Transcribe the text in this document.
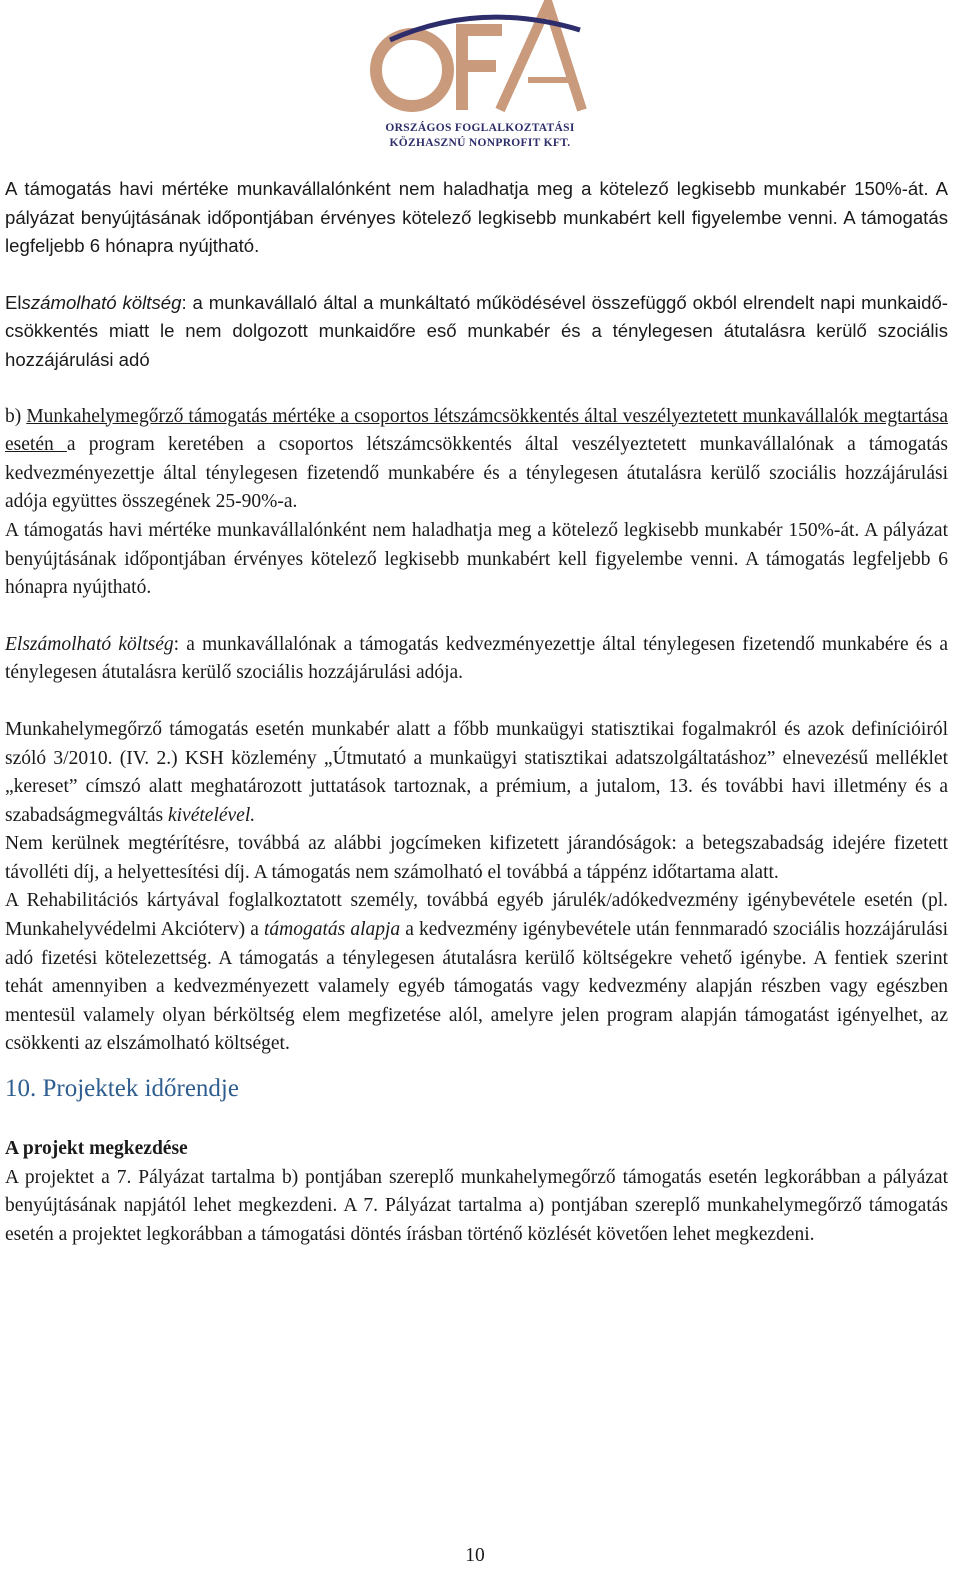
ORSZÁGOS FOGLALKOZTATÁSI
KÖZHASZNÚ NONPROFIT KFT.

A támogatás havi mértéke munkavállalónként nem haladhatja meg a kötelező legkisebb munkabér 150%-át. A pályázat benyújtásának időpontjában érvényes kötelező legkisebb munkabért kell figyelembe venni. A támogatás legfeljebb 6 hónapra nyújtható.

Elszámolható költség: a munkavállaló által a munkáltató működésével összefüggő okból elrendelt napi munkaidő-csökkentés miatt le nem dolgozott munkaidőre eső munkabér és a ténylegesen átutalásra kerülő szociális hozzájárulási adó

b) Munkahelymegőrző támogatás mértéke a csoportos létszámcsökkentés által veszélyeztetett munkavállalók megtartása esetén a program keretében a csoportos létszámcsökkentés által veszélyeztetett munkavállalónak a támogatás kedvezményezettje által ténylegesen fizetendő munkabére és a ténylegesen átutalásra kerülő szociális hozzájárulási adója együttes összegének 25-90%-a.

A támogatás havi mértéke munkavállalónként nem haladhatja meg a kötelező legkisebb munkabér 150%-át. A pályázat benyújtásának időpontjában érvényes kötelező legkisebb munkabért kell figyelembe venni. A támogatás legfeljebb 6 hónapra nyújtható.

Elszámolható költség: a munkavállalónak a támogatás kedvezményezettje által ténylegesen fizetendő munkabére és a ténylegesen átutalásra kerülő szociális hozzájárulási adója.

Munkahelymegőrző támogatás esetén munkabér alatt a főbb munkaügyi statisztikai fogalmakról és azok definícióiról szóló 3/2010. (IV. 2.) KSH közlemény „Útmutató a munkaügyi statisztikai adatszolgáltatáshoz” elnevezésű melléklet „kereset” címszó alatt meghatározott juttatások tartoznak, a prémium, a jutalom, 13. és további havi illetmény és a szabadságmegváltás kivételével.

Nem kerülnek megtérítésre, továbbá az alábbi jogcímeken kifizetett járandóságok: a betegszabadság idejére fizetett távolléti díj, a helyettesítési díj. A támogatás nem számolható el továbbá a táppénz időtartama alatt.

A Rehabilitációs kártyával foglalkoztatott személy, továbbá egyéb járulék/adókedvezmény igénybevétele esetén (pl. Munkahelyvédelmi Akcióterv) a támogatás alapja a kedvezmény igénybevétele után fennmaradó szociális hozzájárulási adó fizetési kötelezettség. A támogatás a ténylegesen átutalásra kerülő költségekre vehető igénybe. A fentiek szerint tehát amennyiben a kedvezményezett valamely egyéb támogatás vagy kedvezmény alapján részben vagy egészben mentesül valamely olyan bérköltség elem megfizetése alól, amelyre jelen program alapján támogatást igényelhet, az csökkenti az elszámolható költséget.

10. Projektek időrendje

A projekt megkezdése

A projektet a 7. Pályázat tartalma b) pontjában szereplő munkahelymegőrző támogatás esetén legkorábban a pályázat benyújtásának napjától lehet megkezdeni. A 7. Pályázat tartalma a) pontjában szereplő munkahelymegőrző támogatás esetén a projektet legkorábban a támogatási döntés írásban történő közlését követően lehet megkezdeni.

10
